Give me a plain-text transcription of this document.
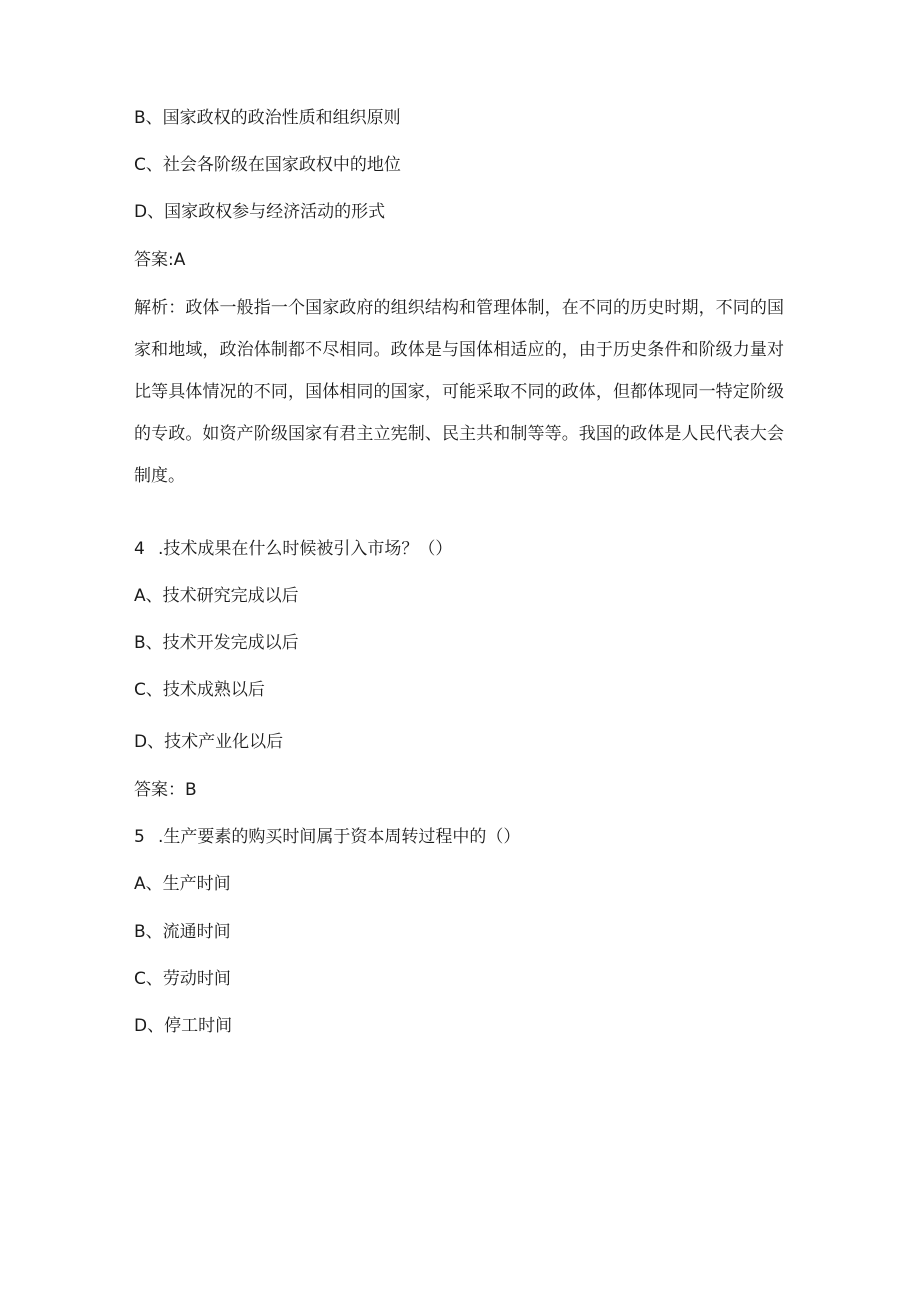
B、国家政权的政治性质和组织原则
C、社会各阶级在国家政权中的地位
D、国家政权参与经济活动的形式
答案:A
解析：政体一般指一个国家政府的组织结构和管理体制，在不同的历史时期，不同的国家和地域，政治体制都不尽相同。政体是与国体相适应的，由于历史条件和阶级力量对比等具体情况的不同，国体相同的国家，可能采取不同的政体，但都体现同一特定阶级的专政。如资产阶级国家有君主立宪制、民主共和制等等。我国的政体是人民代表大会制度。
4 .技术成果在什么时候被引入市场？（）
A、技术研究完成以后
B、技术开发完成以后
C、技术成熟以后
D、技术产业化以后
答案：B
5 .生产要素的购买时间属于资本周转过程中的（）
A、生产时间
B、流通时间
C、劳动时间
D、停工时间
